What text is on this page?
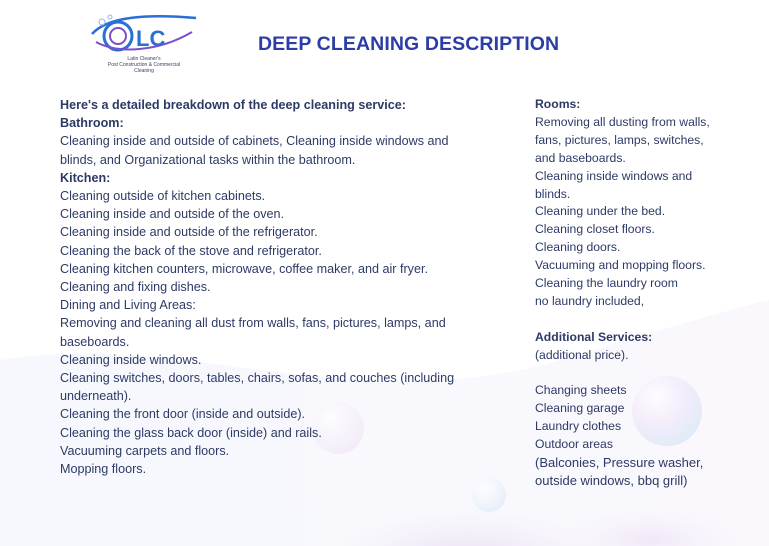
LC
Latin Cleaner's
Post Construction & Commercial
Cleaning
DEEP CLEANING DESCRIPTION
Here's a detailed breakdown of the deep cleaning service:
Bathroom:
Cleaning inside and outside of cabinets, Cleaning inside windows and
blinds, and Organizational tasks within the bathroom.
Kitchen:
Cleaning outside of kitchen cabinets.
Cleaning inside and outside of the oven.
Cleaning inside and outside of the refrigerator.
Cleaning the back of the stove and refrigerator.
Cleaning kitchen counters, microwave, coffee maker, and air fryer.
Cleaning and fixing dishes.
Dining and Living Areas:
Removing and cleaning all dust from walls, fans, pictures, lamps, and
baseboards.
Cleaning inside windows.
Cleaning switches, doors, tables, chairs, sofas, and couches (including
underneath).
Cleaning the front door (inside and outside).
Cleaning the glass back door (inside) and rails.
Vacuuming carpets and floors.
Mopping floors.
Rooms:
Removing all dusting from walls,
fans, pictures, lamps, switches,
and baseboards.
Cleaning inside windows and
blinds.
Cleaning under the bed.
Cleaning closet floors.
Cleaning doors.
Vacuuming and mopping floors.
Cleaning the laundry room
no laundry included,
Additional Services:
(additional price).
Changing sheets
Cleaning garage
Laundry clothes
Outdoor areas
(Balconies, Pressure washer,
outside windows, bbq grill)
